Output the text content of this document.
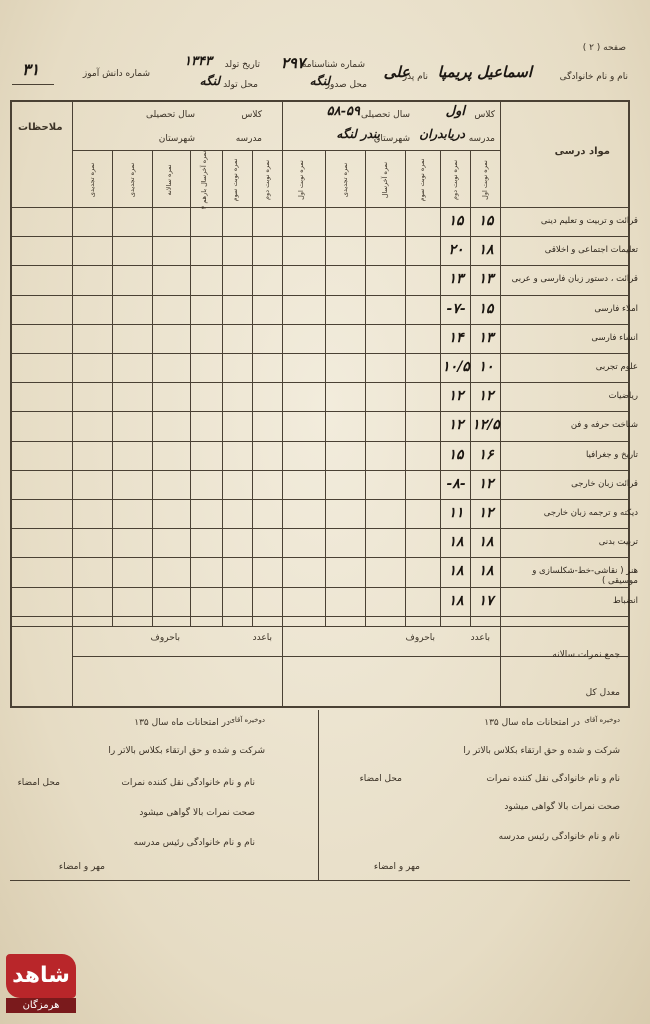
صفحه ( ۲ )
نام و نام خانوادگی
اسماعیل پریمپا
نام پدر
علی
شماره شناسنامه
۲۹۷
محل صدور
لنگه
تاریخ تولد
۱۳۴۳
محل تولد
لنگه
شماره دانش آموز
۳۱
مواد درسی
ملاحظات
کلاس
اول
سال تحصیلی
۵۸-۵۹
مدرسه
دریابدران
شهرستان
بندر لنگه
کلاس
سال تحصیلی
مدرسه
شهرستان
نمره نوبت اول
نمره نوبت دوم
نمره نوبت سوم
نمره آخرسال
نمره تجدیدی
نمره نوبت اول
نمره نوبت دوم
نمره نوبت سوم
نمره آخرسال بارهم ۳
نمره سالانه
نمره تجدیدی
نمره تجدیدی
قرائت و تربیت و تعلیم دینی
۱۵
۱۵
تعلیمات اجتماعی و اخلاقی
۱۸
۲۰
قرائت ، دستور زبان فارسی و عربی
۱۳
۱۳
املاء فارسی
۱۵
-۷-
انشاء فارسی
۱۳
۱۴
علوم تجربی
۱۰
۱۰/۵
ریاضیات
۱۲
۱۲
شناخت حرفه و فن
۱۲/۵
۱۲
تاریخ و جغرافیا
۱۶
۱۵
قرائت زبان خارجی
۱۲
-۸-
دیکته و ترجمه زبان خارجی
۱۲
۱۱
تربیت بدنی
۱۸
۱۸
هنر ( نقاشی-خط-شکلسازی و موسیقی )
۱۸
۱۸
انضباط
۱۷
۱۸
جمع نمرات سالانه
معدل کل
باعدد
باحروف
باعدد
باحروف
دوخیره آقای
در امتحانات ماه سال ۱۳۵
شرکت و شده و حق ارتقاء بکلاس بالاتر را
نام و نام خانوادگی نقل کننده نمرات
محل امضاء
صحت نمرات بالا گواهی میشود
نام و نام خانوادگی رئیس مدرسه
مهر و امضاء
دوخیره آقای
در امتحانات ماه سال ۱۳۵
شرکت و شده و حق ارتقاء بکلاس بالاتر را
نام و نام خانوادگی نقل کننده نمرات
محل امضاء
صحت نمرات بالا گواهی میشود
نام و نام خانوادگی رئیس مدرسه
مهر و امضاء
شاهد
هرمزگان
